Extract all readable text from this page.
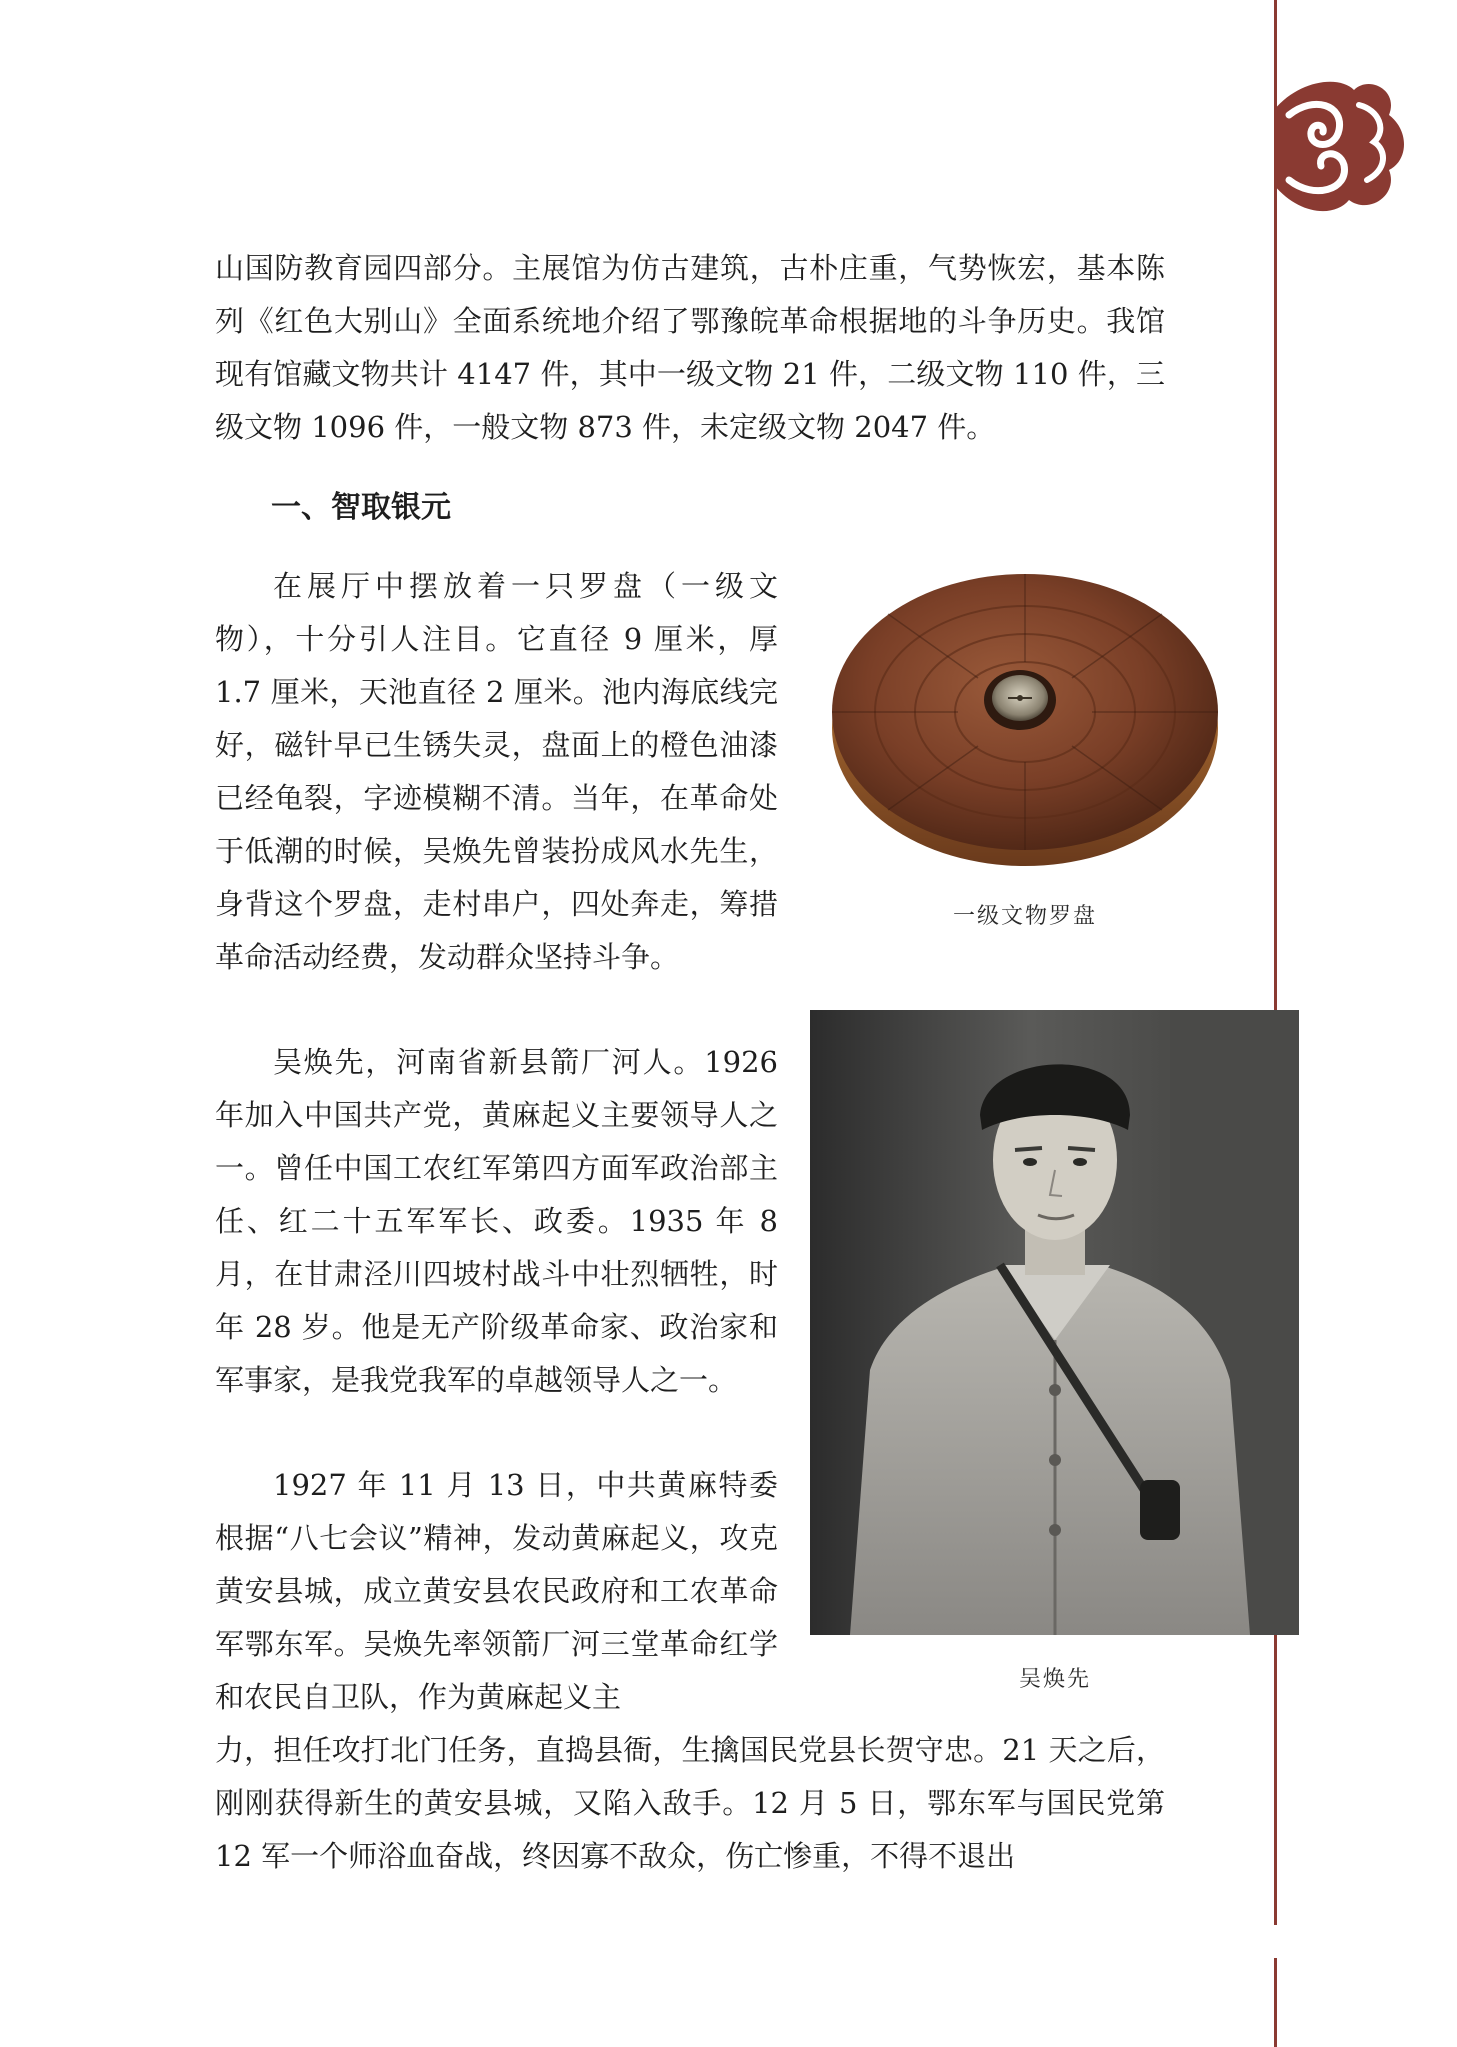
山国防教育园四部分。主展馆为仿古建筑，古朴庄重，气势恢宏，基本陈列《红色大别山》全面系统地介绍了鄂豫皖革命根据地的斗争历史。我馆现有馆藏文物共计 4147 件，其中一级文物 21 件，二级文物 110 件，三级文物 1096 件，一般文物 873 件，未定级文物 2047 件。

一、智取银元

在展厅中摆放着一只罗盘（一级文物），十分引人注目。它直径 9 厘米，厚 1.7 厘米，天池直径 2 厘米。池内海底线完好，磁针早已生锈失灵，盘面上的橙色油漆已经龟裂，字迹模糊不清。当年，在革命处于低潮的时候，吴焕先曾装扮成风水先生，身背这个罗盘，走村串户，四处奔走，筹措革命活动经费，发动群众坚持斗争。

吴焕先，河南省新县箭厂河人。1926 年加入中国共产党，黄麻起义主要领导人之一。曾任中国工农红军第四方面军政治部主任、红二十五军军长、政委。1935 年 8 月，在甘肃泾川四坡村战斗中壮烈牺牲，时年 28 岁。他是无产阶级革命家、政治家和军事家，是我党我军的卓越领导人之一。

1927 年 11 月 13 日，中共黄麻特委根据“八七会议”精神，发动黄麻起义，攻克黄安县城，成立黄安县农民政府和工农革命军鄂东军。吴焕先率领箭厂河三堂革命红学和农民自卫队，作为黄麻起义主

力，担任攻打北门任务，直捣县衙，生擒国民党县长贺守忠。21 天之后，刚刚获得新生的黄安县城，又陷入敌手。12 月 5 日，鄂东军与国民党第 12 军一个师浴血奋战，终因寡不敌众，伤亡惨重，不得不退出

一级文物罗盘

吴焕先
